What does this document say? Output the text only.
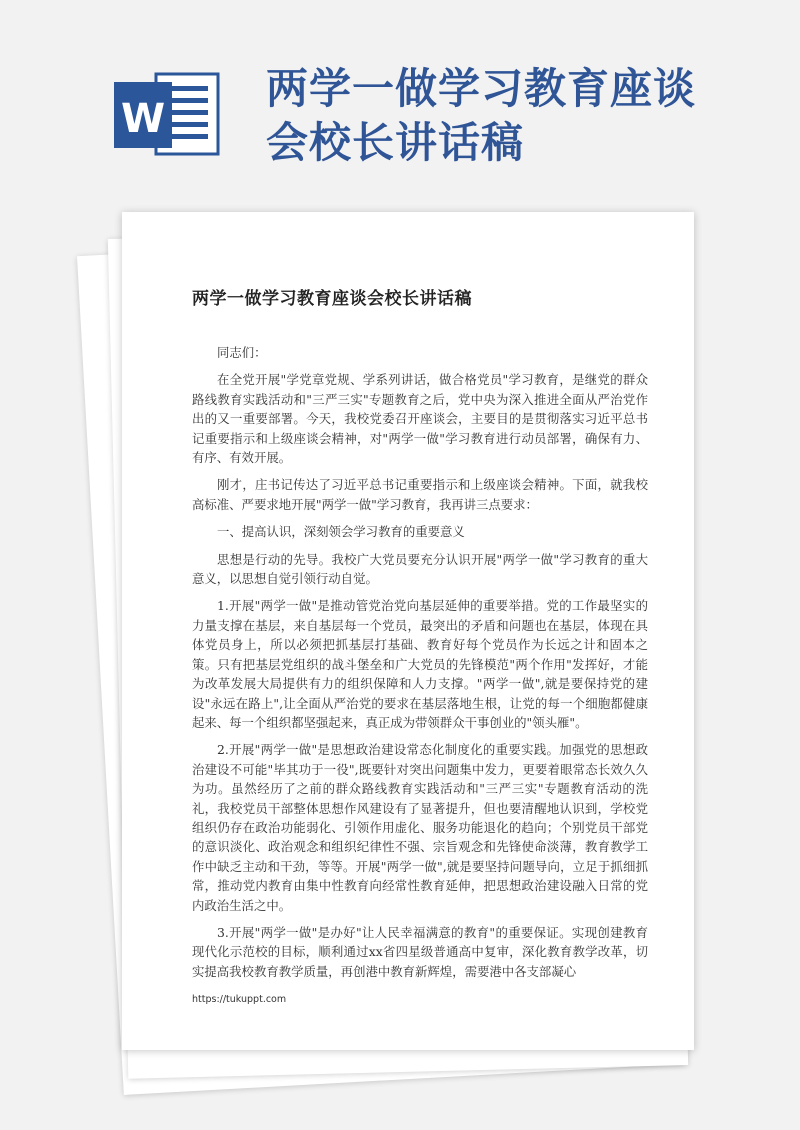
W
两学一做学习教育座谈会校长讲话稿
两学一做学习教育座谈会校长讲话稿

同志们：

在全党开展"学党章党规、学系列讲话，做合格党员"学习教育，是继党的群众路线教育实践活动和"三严三实"专题教育之后，党中央为深入推进全面从严治党作出的又一重要部署。今天，我校党委召开座谈会，主要目的是贯彻落实习近平总书记重要指示和上级座谈会精神，对"两学一做"学习教育进行动员部署，确保有力、有序、有效开展。

刚才，庄书记传达了习近平总书记重要指示和上级座谈会精神。下面，就我校高标准、严要求地开展"两学一做"学习教育，我再讲三点要求：

一、提高认识，深刻领会学习教育的重要意义

思想是行动的先导。我校广大党员要充分认识开展"两学一做"学习教育的重大意义，以思想自觉引领行动自觉。

1.开展"两学一做"是推动管党治党向基层延伸的重要举措。党的工作最坚实的力量支撑在基层，来自基层每一个党员，最突出的矛盾和问题也在基层，体现在具体党员身上，所以必须把抓基层打基础、教育好每个党员作为长远之计和固本之策。只有把基层党组织的战斗堡垒和广大党员的先锋模范"两个作用"发挥好，才能为改革发展大局提供有力的组织保障和人力支撑。"两学一做",就是要保持党的建设"永远在路上",让全面从严治党的要求在基层落地生根，让党的每一个细胞都健康起来、每一个组织都坚强起来，真正成为带领群众干事创业的"领头雁"。

2.开展"两学一做"是思想政治建设常态化制度化的重要实践。加强党的思想政治建设不可能"毕其功于一役",既要针对突出问题集中发力，更要着眼常态长效久久为功。虽然经历了之前的群众路线教育实践活动和"三严三实"专题教育活动的洗礼，我校党员干部整体思想作风建设有了显著提升，但也要清醒地认识到，学校党组织仍存在政治功能弱化、引领作用虚化、服务功能退化的趋向；个别党员干部党的意识淡化、政治观念和组织纪律性不强、宗旨观念和先锋使命淡薄，教育教学工作中缺乏主动和干劲，等等。开展"两学一做",就是要坚持问题导向，立足于抓细抓常，推动党内教育由集中性教育向经常性教育延伸，把思想政治建设融入日常的党内政治生活之中。

3.开展"两学一做"是办好"让人民幸福满意的教育"的重要保证。实现创建教育现代化示范校的目标，顺利通过xx省四星级普通高中复审，深化教育教学改革，切实提高我校教育教学质量，再创港中教育新辉煌，需要港中各支部凝心

https://tukuppt.com
